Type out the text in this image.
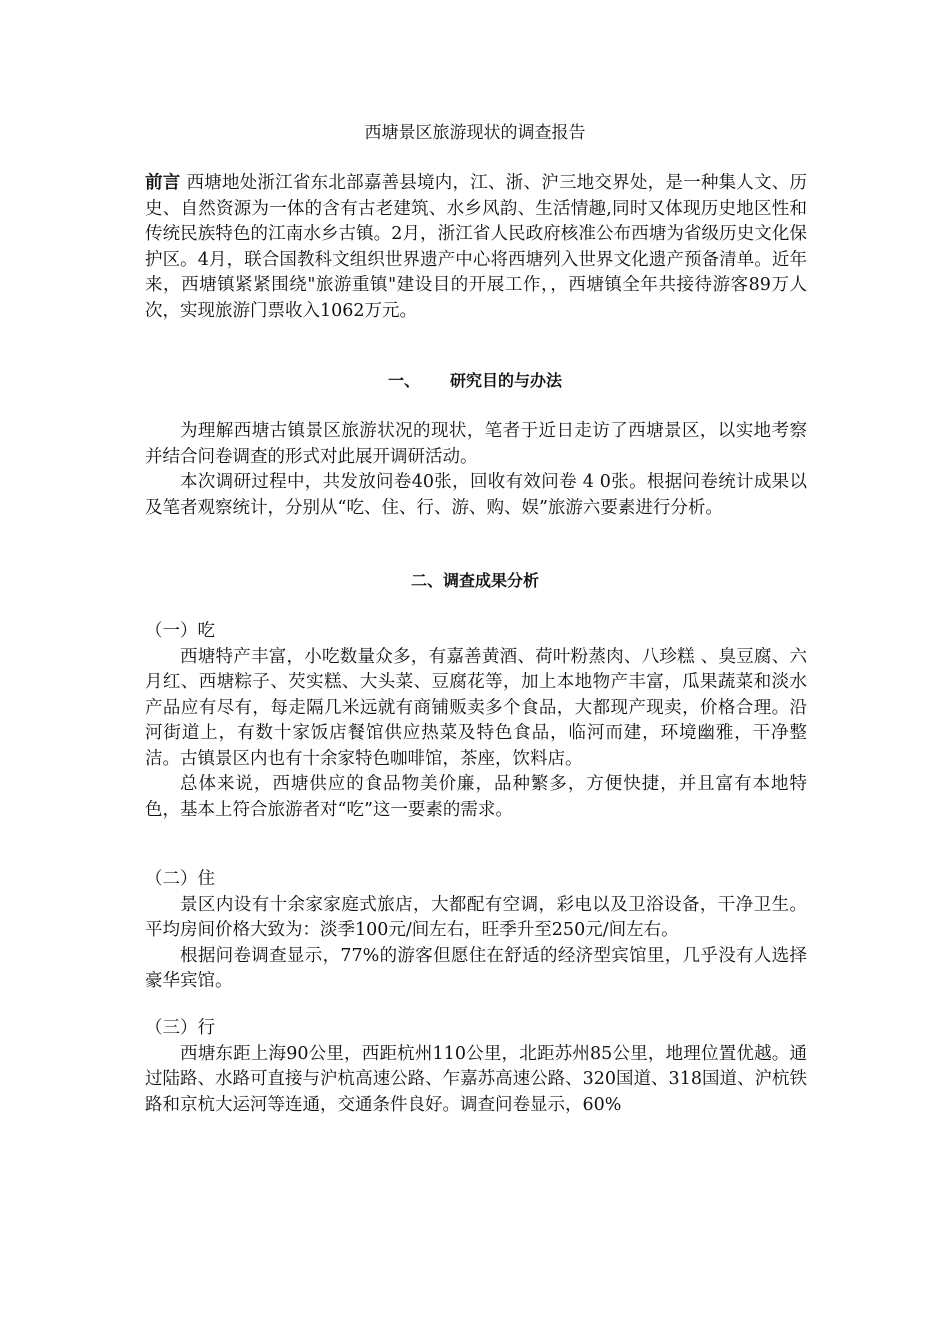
西塘景区旅游现状的调查报告

前言 西塘地处浙江省东北部嘉善县境内，江、浙、沪三地交界处，是一种集人文、历史、自然资源为一体的含有古老建筑、水乡风韵、生活情趣,同时又体现历史地区性和传统民族特色的江南水乡古镇。2月，浙江省人民政府核准公布西塘为省级历史文化保护区。4月，联合国教科文组织世界遗产中心将西塘列入世界文化遗产预备清单。近年来，西塘镇紧紧围绕"旅游重镇"建设目的开展工作，，西塘镇全年共接待游客89万人次，实现旅游门票收入1062万元。

一、 研究目的与办法

为理解西塘古镇景区旅游状况的现状，笔者于近日走访了西塘景区，以实地考察并结合问卷调查的形式对此展开调研活动。

本次调研过程中，共发放问卷40张，回收有效问卷 4 0张。根据问卷统计成果以及笔者观察统计，分别从“吃、住、行、游、购、娱”旅游六要素进行分析。

二、调查成果分析

（一）吃

西塘特产丰富，小吃数量众多，有嘉善黄酒、荷叶粉蒸肉、八珍糕 、臭豆腐、六月红、西塘粽子、芡实糕、大头菜、豆腐花等，加上本地物产丰富，瓜果蔬菜和淡水产品应有尽有，每走隔几米远就有商铺贩卖多个食品，大都现产现卖，价格合理。沿河街道上，有数十家饭店餐馆供应热菜及特色食品，临河而建，环境幽雅，干净整洁。古镇景区内也有十余家特色咖啡馆，茶座，饮料店。

总体来说，西塘供应的食品物美价廉，品种繁多，方便快捷，并且富有本地特色，基本上符合旅游者对“吃”这一要素的需求。

（二）住

景区内设有十余家家庭式旅店，大都配有空调，彩电以及卫浴设备，干净卫生。平均房间价格大致为：淡季100元/间左右，旺季升至250元/间左右。

根据问卷调查显示，77%的游客但愿住在舒适的经济型宾馆里，几乎没有人选择豪华宾馆。

（三）行

西塘东距上海90公里，西距杭州110公里，北距苏州85公里，地理位置优越。通过陆路、水路可直接与沪杭高速公路、乍嘉苏高速公路、320国道、318国道、沪杭铁路和京杭大运河等连通，交通条件良好。调查问卷显示，60%
